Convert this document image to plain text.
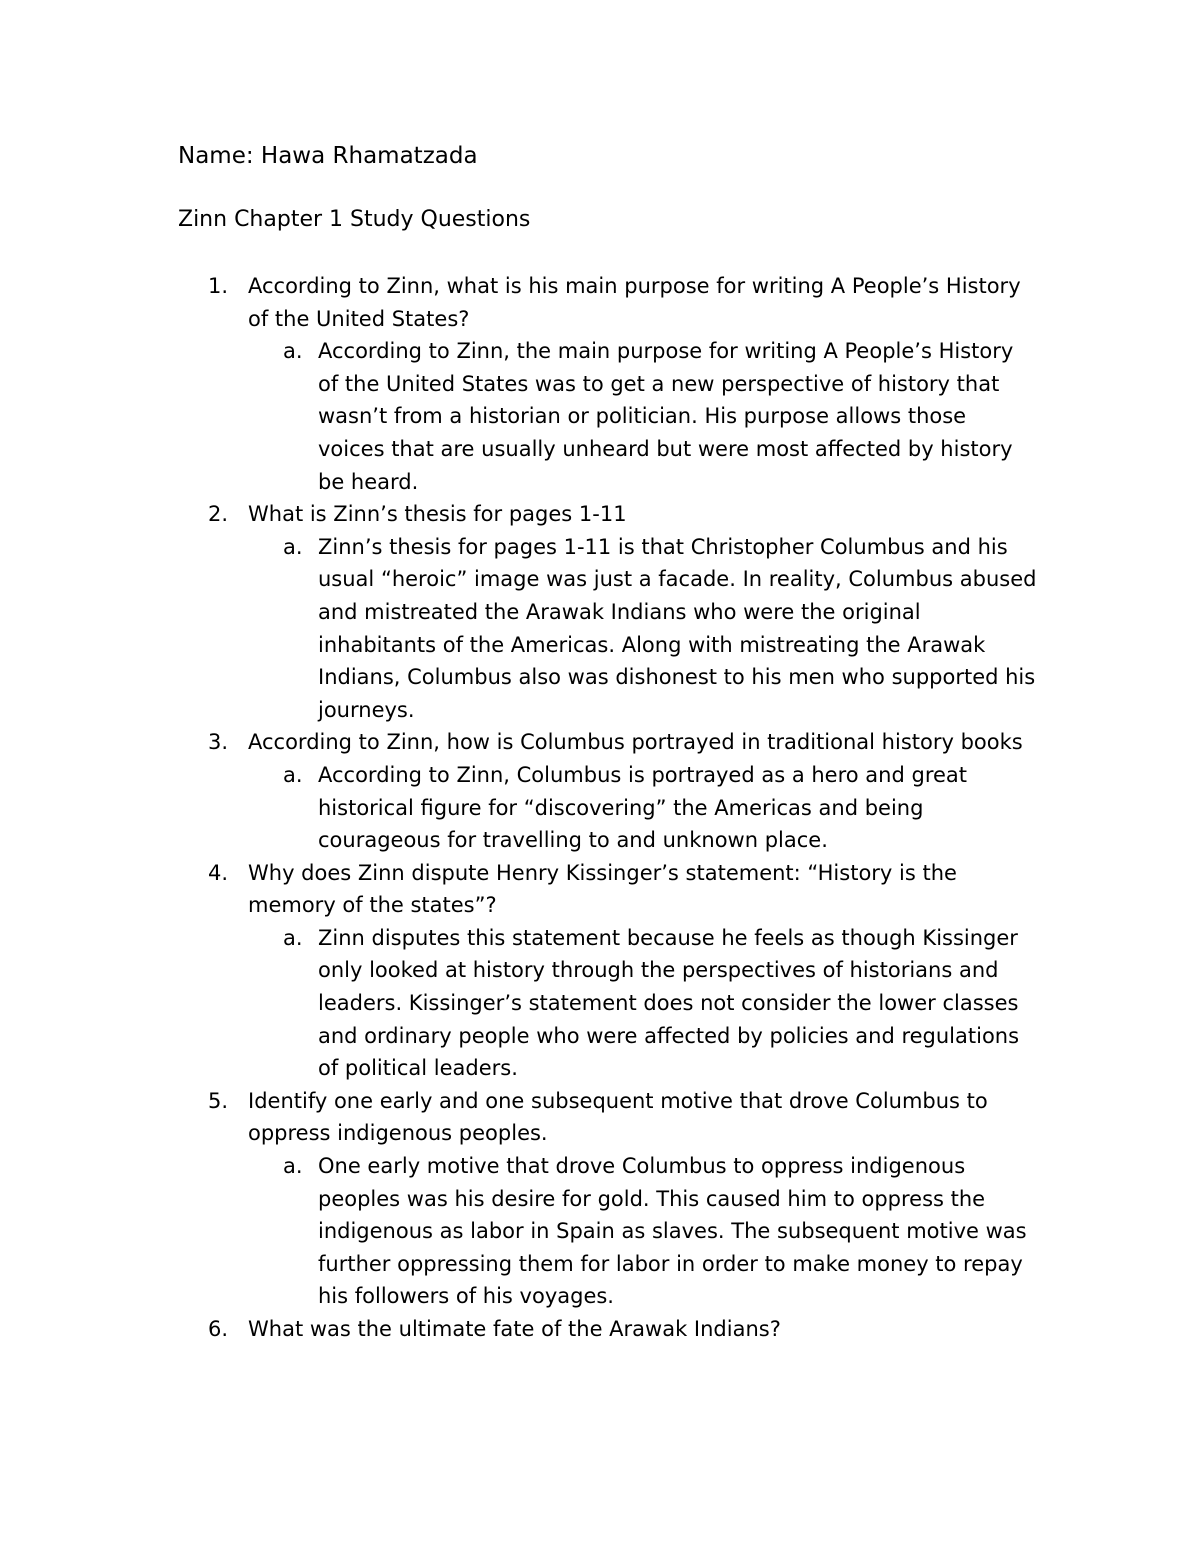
Name: Hawa Rhamatzada
Zinn Chapter 1 Study Questions
1. According to Zinn, what is his main purpose for writing A People’s History of the United States?
a. According to Zinn, the main purpose for writing A People’s History of the United States was to get a new perspective of history that wasn’t from a historian or politician. His purpose allows those voices that are usually unheard but were most affected by history be heard.
2. What is Zinn’s thesis for pages 1-11
a. Zinn’s thesis for pages 1-11 is that Christopher Columbus and his usual “heroic” image was just a facade. In reality, Columbus abused and mistreated the Arawak Indians who were the original inhabitants of the Americas. Along with mistreating the Arawak Indians, Columbus also was dishonest to his men who supported his journeys.
3. According to Zinn, how is Columbus portrayed in traditional history books
a. According to Zinn, Columbus is portrayed as a hero and great historical figure for “discovering” the Americas and being courageous for travelling to and unknown place.
4. Why does Zinn dispute Henry Kissinger’s statement: “History is the memory of the states”?
a. Zinn disputes this statement because he feels as though Kissinger only looked at history through the perspectives of historians and leaders. Kissinger’s statement does not consider the lower classes and ordinary people who were affected by policies and regulations of political leaders.
5. Identify one early and one subsequent motive that drove Columbus to oppress indigenous peoples.
a. One early motive that drove Columbus to oppress indigenous peoples was his desire for gold. This caused him to oppress the indigenous as labor in Spain as slaves. The subsequent motive was further oppressing them for labor in order to make money to repay his followers of his voyages.
6. What was the ultimate fate of the Arawak Indians?
